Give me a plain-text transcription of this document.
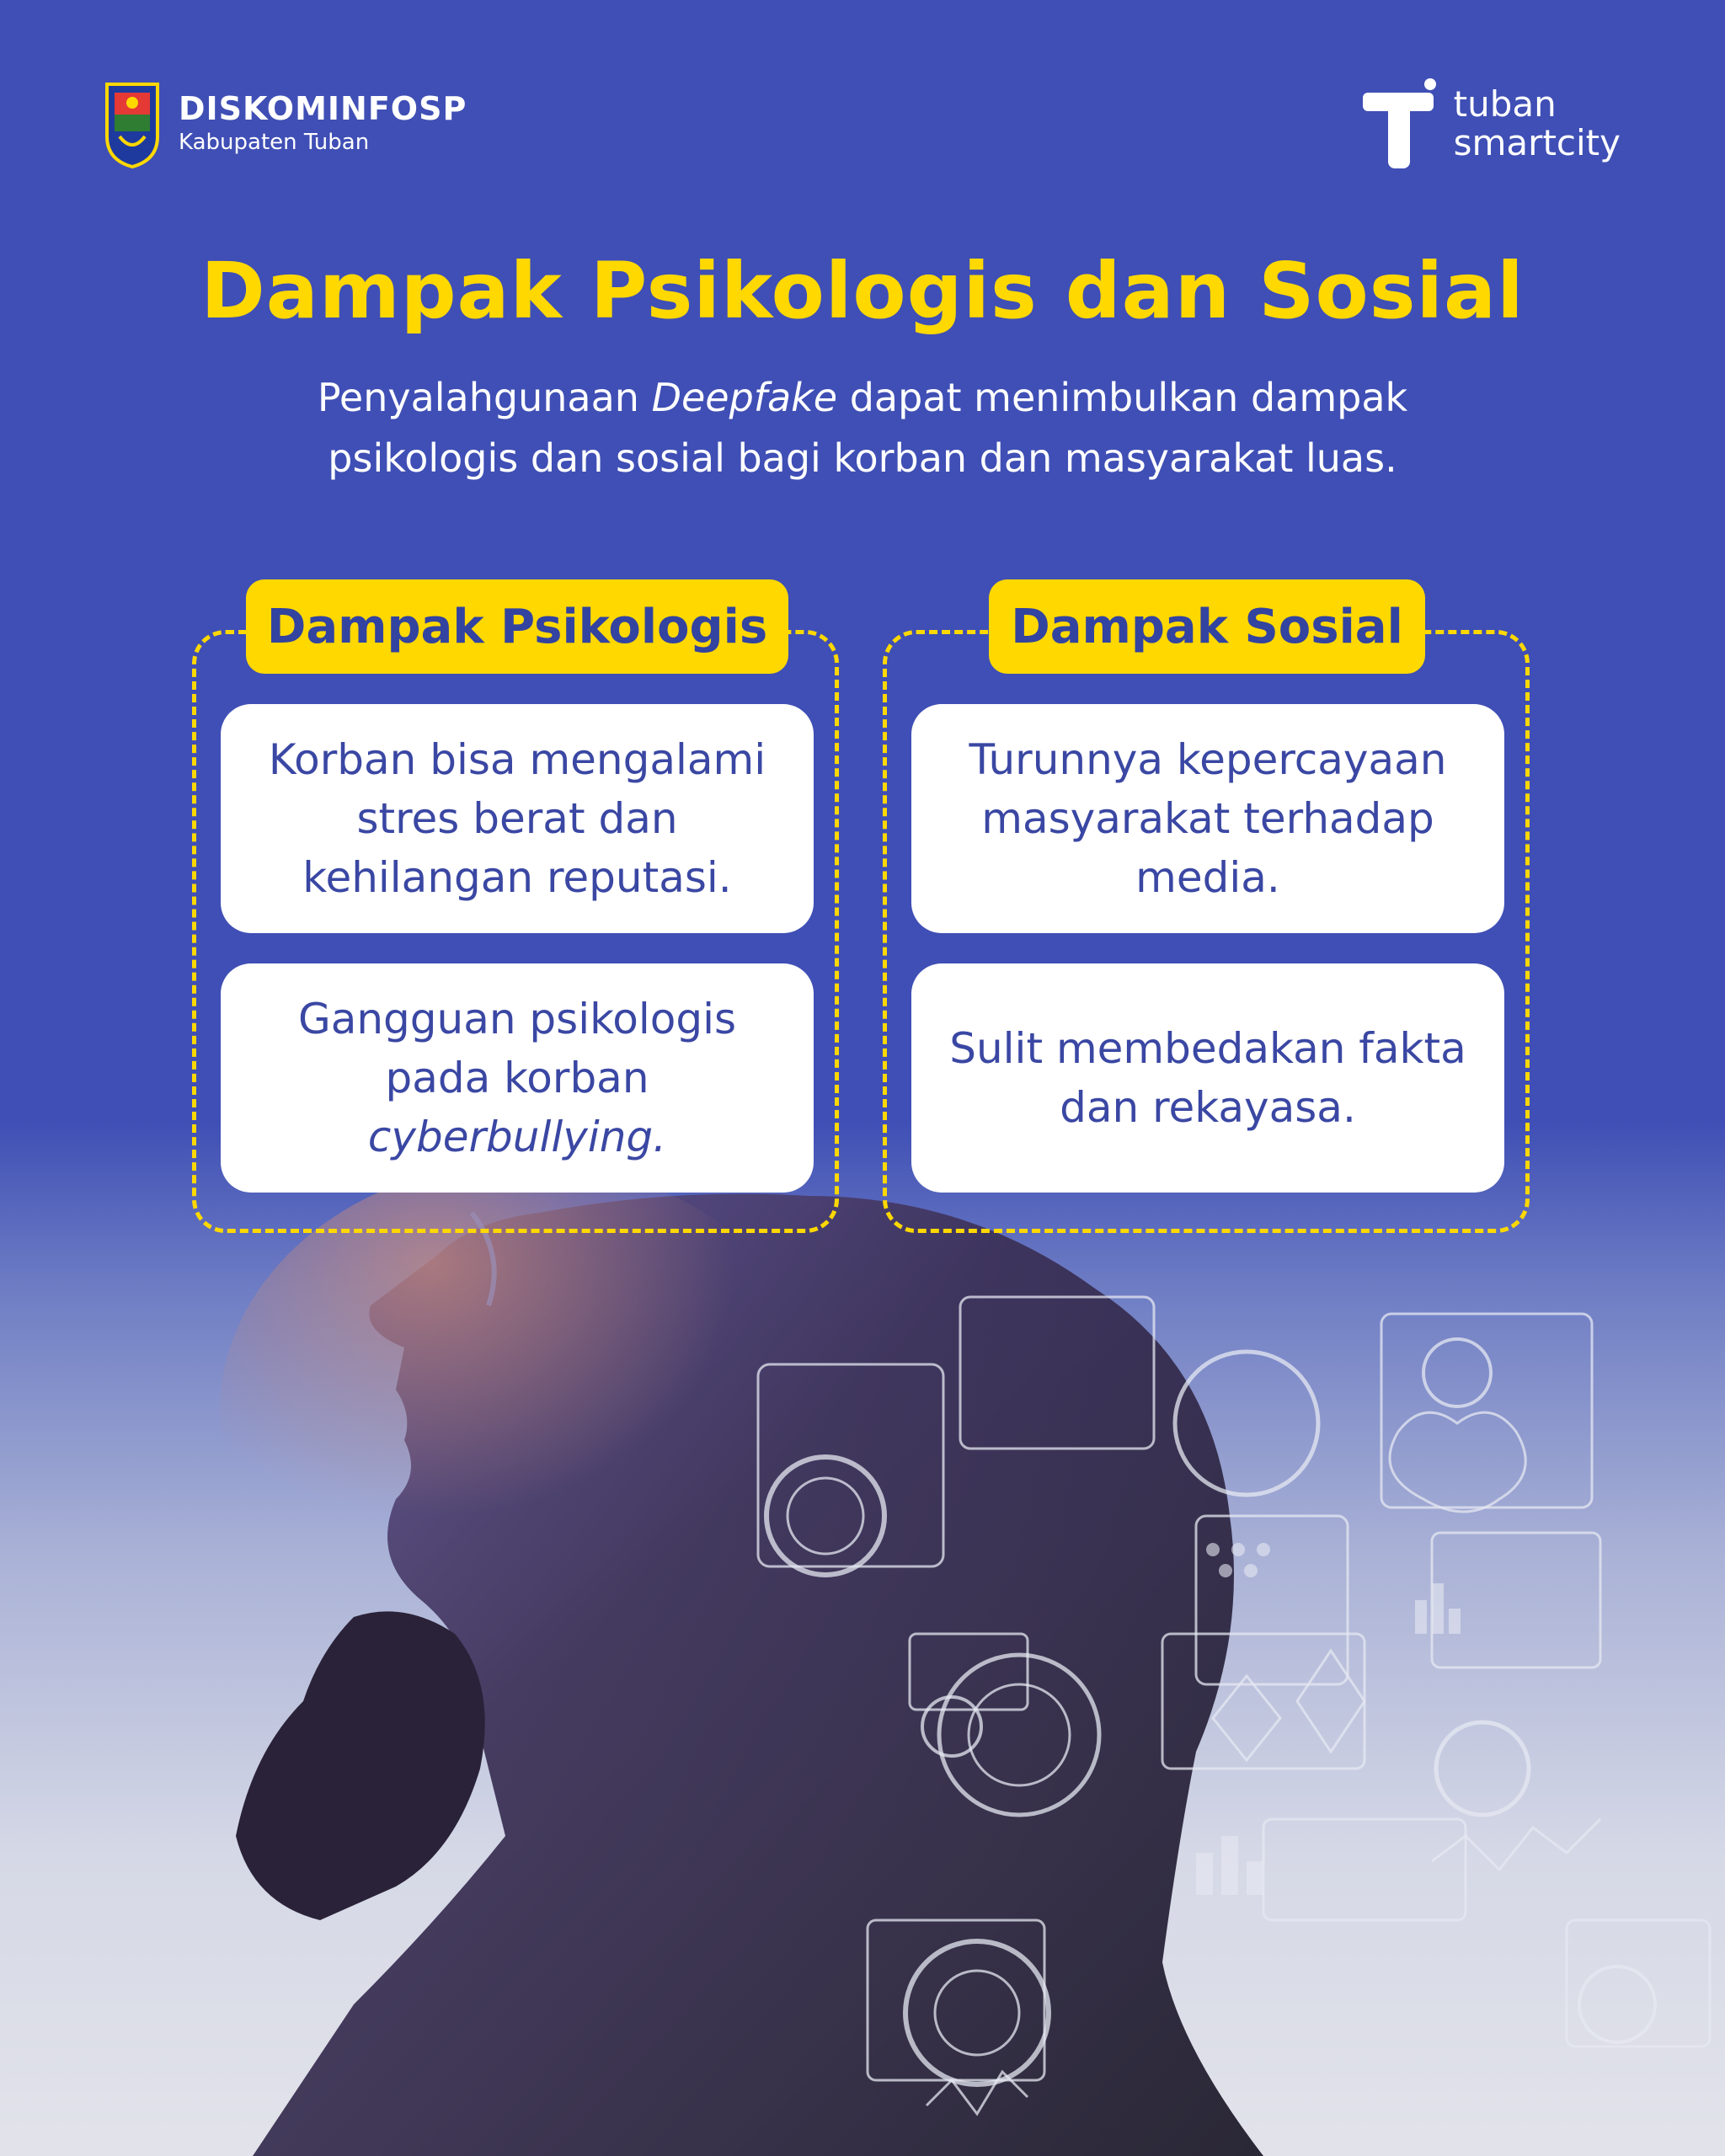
DISKOMINFOSP
Kabupaten Tuban
tuban
smartcity
Dampak Psikologis dan Sosial
Penyalahgunaan Deepfake dapat menimbulkan dampak
psikologis dan sosial bagi korban dan masyarakat luas.
Dampak Psikologis	Dampak Sosial
Korban bisa mengalami
stres berat dan
kehilangan reputasi.
Gangguan psikologis
pada korban
cyberbullying.
Turunnya kepercayaan
masyarakat terhadap
media.
Sulit membedakan fakta
dan rekayasa.
